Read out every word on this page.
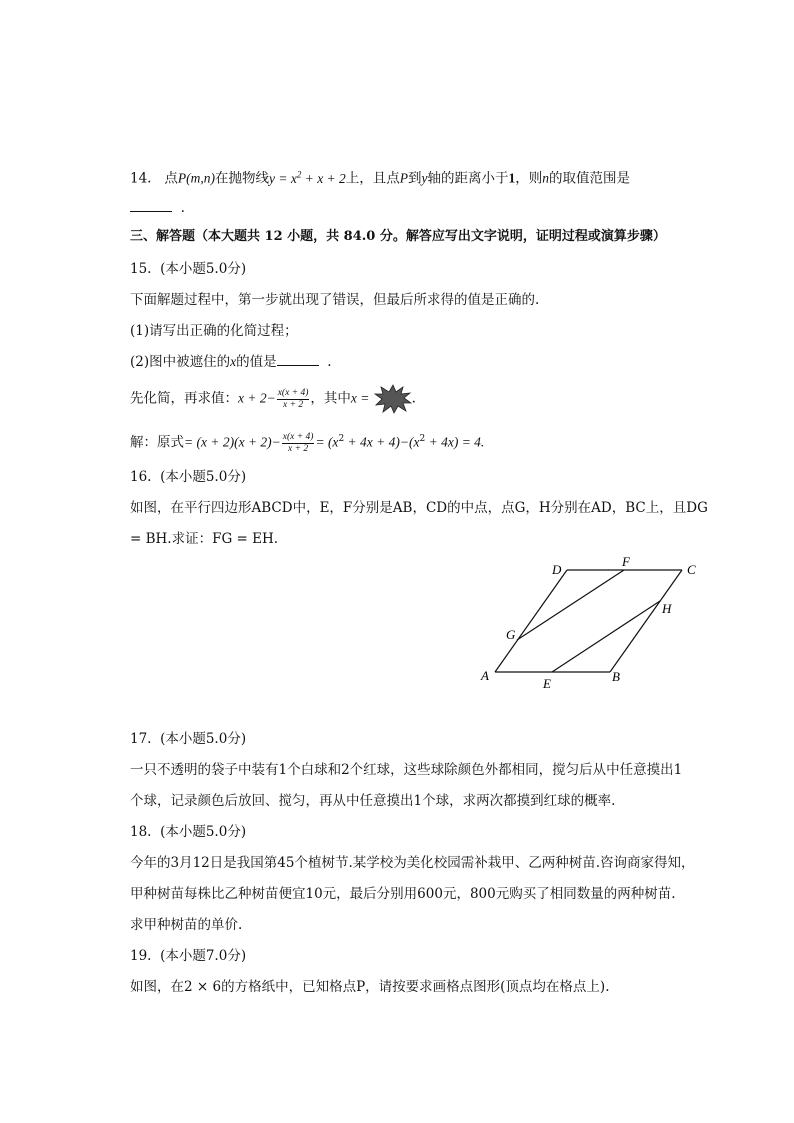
14. 点P(m,n)在抛物线$y = x^2 + x + 2$上，且点P到y轴的距离小于1，则n的取值范围是
.
三、解答题（本大题共 12 小题，共 84.0 分。解答应写出文字说明，证明过程或演算步骤）
15. (本小题5.0分)
下面解题过程中，第一步就出现了错误，但最后所求得的值是正确的.
(1)请写出正确的化简过程；
(2)图中被遮住的x的值是	.
先化简，再求值：$x + 2- \frac{x(x + 4)}{x + 2}$ ，其中x =	.
解：原式= $(x + 2)(x + 2)- \frac{x(x + 4)}{x + 2} = (x^2 + 4x + 4)-(x^2 + 4x) = 4$.
16. (本小题5.0分)
如图，在平行四边形ABCD中，E，F分别是AB，CD的中点，点G，H分别在AD，BC上，且DG
= BH.求证：FG = EH.
A	B
C
D
E
F
G
H
17. (本小题5.0分)
一只不透明的袋子中装有1个白球和2个红球，这些球除颜色外都相同，搅匀后从中任意摸出1
个球，记录颜色后放回、搅匀，再从中任意摸出1个球，求两次都摸到红球的概率.
18. (本小题5.0分)
今年的3月12日是我国第45个植树节.某学校为美化校园需补栽甲、乙两种树苗.咨询商家得知，
甲种树苗每株比乙种树苗便宜10元，最后分别用600元，800元购买了相同数量的两种树苗.
求甲种树苗的单价.
19. (本小题7.0分)
如图，在2 × 6的方格纸中，已知格点P，请按要求画格点图形(顶点均在格点上).
